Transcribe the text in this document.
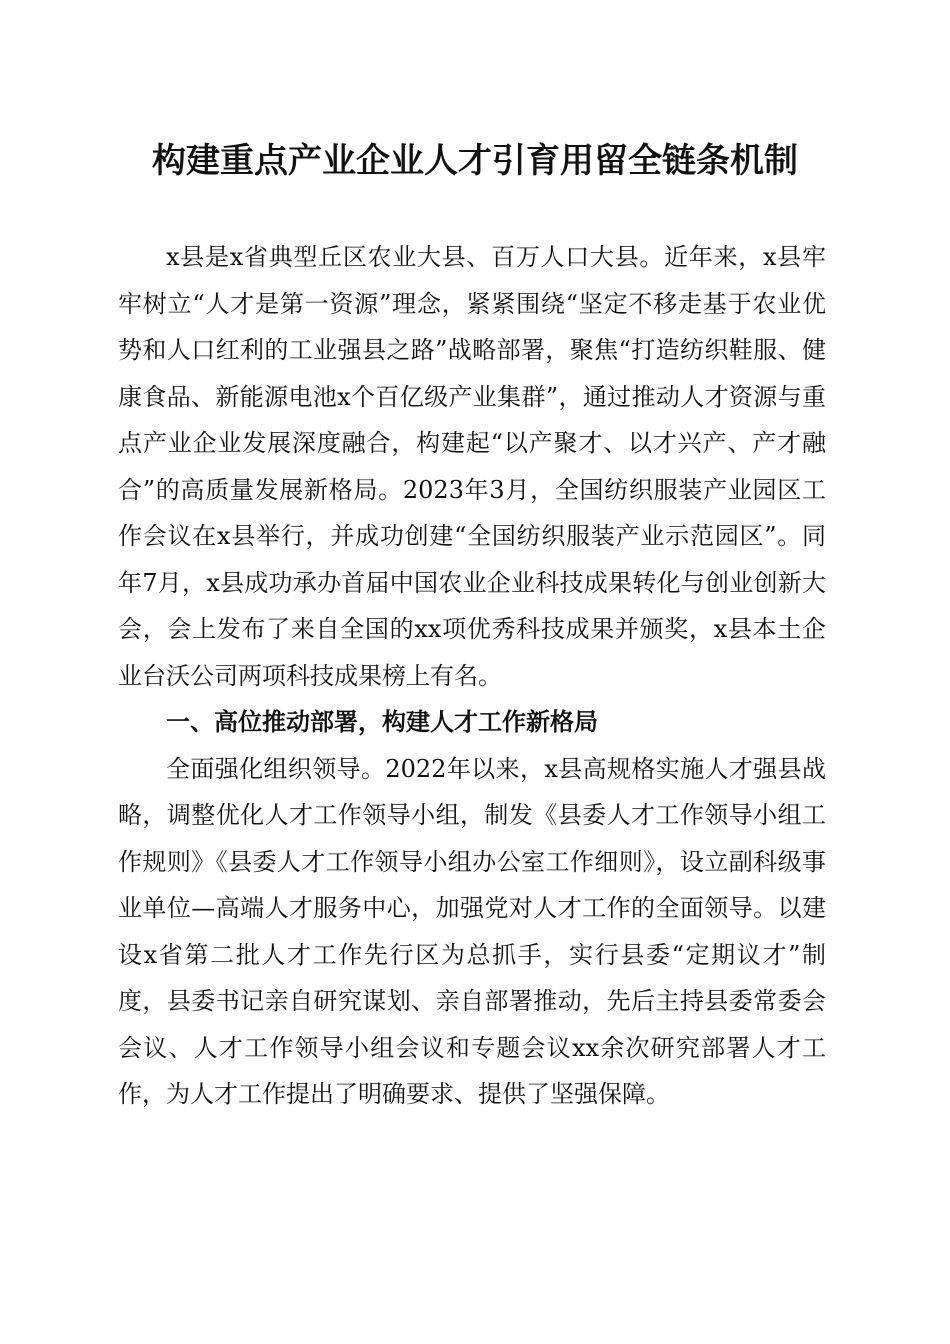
构建重点产业企业人才引育用留全链条机制

x县是x省典型丘区农业大县、百万人口大县。近年来，x县牢牢树立“人才是第一资源”理念，紧紧围绕“坚定不移走基于农业优势和人口红利的工业强县之路”战略部署，聚焦“打造纺织鞋服、健康食品、新能源电池x个百亿级产业集群”，通过推动人才资源与重点产业企业发展深度融合，构建起“以产聚才、以才兴产、产才融合”的高质量发展新格局。2023年3月，全国纺织服装产业园区工作会议在x县举行，并成功创建“全国纺织服装产业示范园区”。同年7月，x县成功承办首届中国农业企业科技成果转化与创业创新大会，会上发布了来自全国的xx项优秀科技成果并颁奖，x县本土企业台沃公司两项科技成果榜上有名。

一、高位推动部署，构建人才工作新格局

全面强化组织领导。2022年以来，x县高规格实施人才强县战略，调整优化人才工作领导小组，制发《县委人才工作领导小组工作规则》《县委人才工作领导小组办公室工作细则》，设立副科级事业单位—高端人才服务中心，加强党对人才工作的全面领导。以建设x省第二批人才工作先行区为总抓手，实行县委“定期议才”制度，县委书记亲自研究谋划、亲自部署推动，先后主持县委常委会会议、人才工作领导小组会议和专题会议xx余次研究部署人才工作，为人才工作提出了明确要求、提供了坚强保障。
